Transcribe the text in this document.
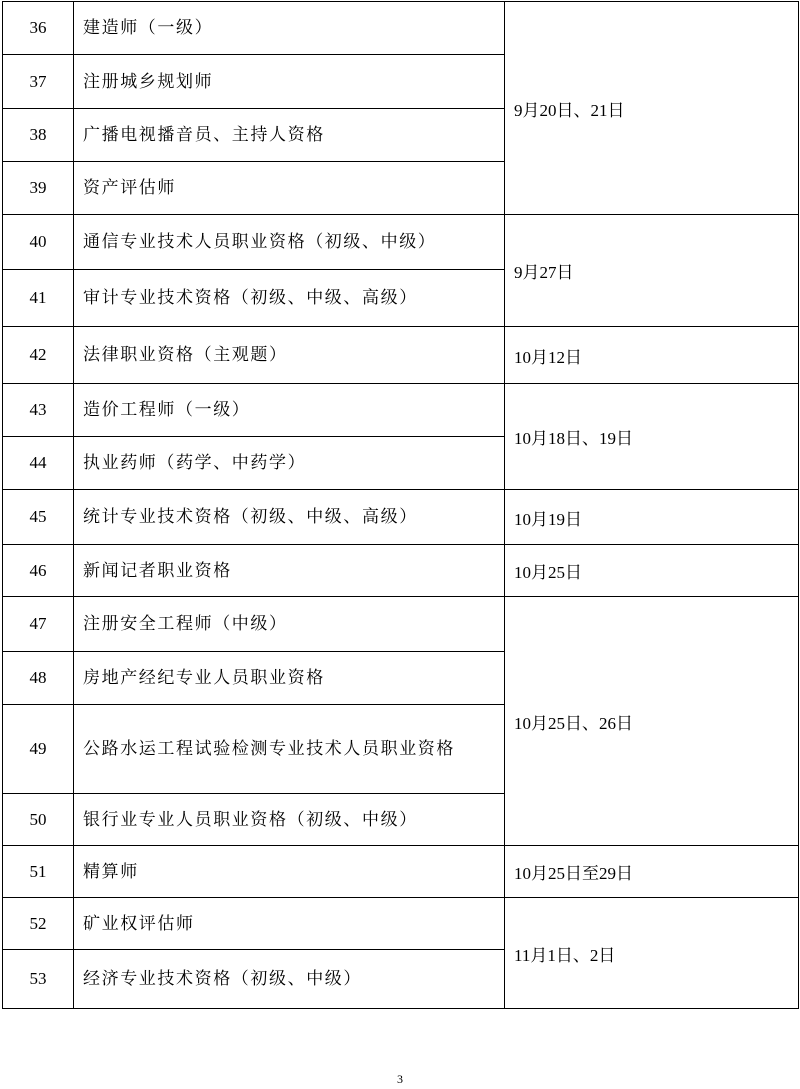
36	建造师（一级）	9月20日、21日
37	注册城乡规划师	
38	广播电视播音员、主持人资格	
39	资产评估师	
40	通信专业技术人员职业资格（初级、中级）	9月27日
41	审计专业技术资格（初级、中级、高级）	
42	法律职业资格（主观题）	10月12日
43	造价工程师（一级）	10月18日、19日
44	执业药师（药学、中药学）	
45	统计专业技术资格（初级、中级、高级）	10月19日
46	新闻记者职业资格	10月25日
47	注册安全工程师（中级）	10月25日、26日
48	房地产经纪专业人员职业资格	
49	公路水运工程试验检测专业技术人员职业资格	
50	银行业专业人员职业资格（初级、中级）	
51	精算师	10月25日至29日
52	矿业权评估师	11月1日、2日
53	经济专业技术资格（初级、中级）	
3
